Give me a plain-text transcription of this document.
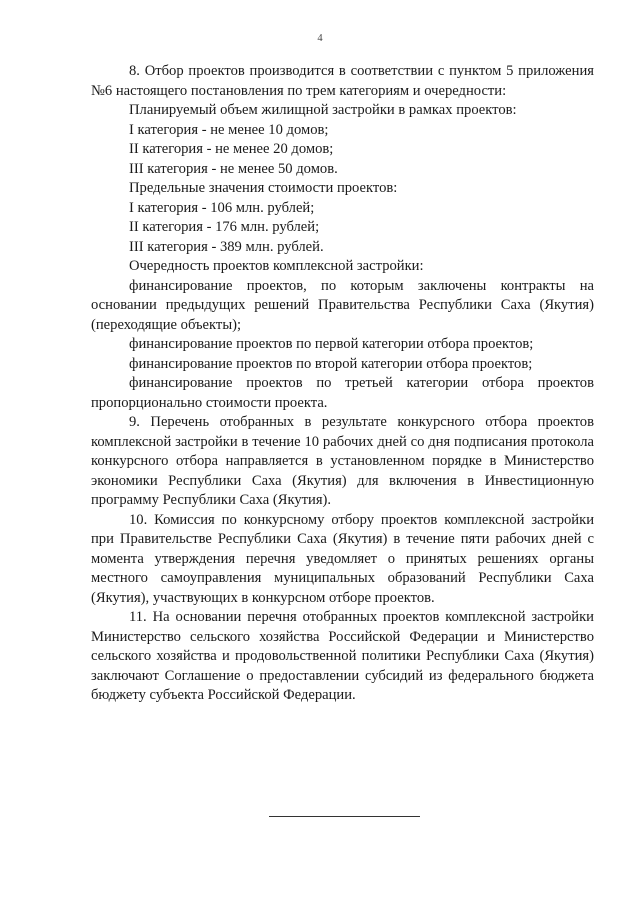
4

8. Отбор проектов производится в соответствии с пунктом 5 приложения №6 настоящего постановления по трем категориям и очередности:

Планируемый объем жилищной застройки в рамках проектов:

I категория - не менее 10 домов;

II категория - не менее 20 домов;

III категория - не менее 50 домов.

Предельные значения стоимости проектов:

I категория - 106 млн. рублей;

II категория - 176 млн. рублей;

III категория - 389 млн. рублей.

Очередность проектов комплексной застройки:

финансирование проектов, по которым заключены контракты на основании предыдущих решений Правительства Республики Саха (Якутия) (переходящие объекты);

финансирование проектов по первой категории отбора проектов;

финансирование проектов по второй категории отбора проектов;

финансирование проектов по третьей категории отбора проектов пропорционально стоимости проекта.

9. Перечень отобранных в результате конкурсного отбора проектов комплексной застройки в течение 10 рабочих дней со дня подписания протокола конкурсного отбора направляется в установленном порядке в Министерство экономики Республики Саха (Якутия) для включения в Инвестиционную программу Республики Саха (Якутия).

10. Комиссия по конкурсному отбору проектов комплексной застройки при Правительстве Республики Саха (Якутия) в течение пяти рабочих дней с момента утверждения перечня уведомляет о принятых решениях органы местного самоуправления муниципальных образований Республики Саха (Якутия), участвующих в конкурсном отборе проектов.

11. На основании перечня отобранных проектов комплексной застройки Министерство сельского хозяйства Российской Федерации и Министерство сельского хозяйства и продовольственной политики Республики Саха (Якутия) заключают Соглашение о предоставлении субсидий из федерального бюджета бюджету субъекта Российской Федерации.
